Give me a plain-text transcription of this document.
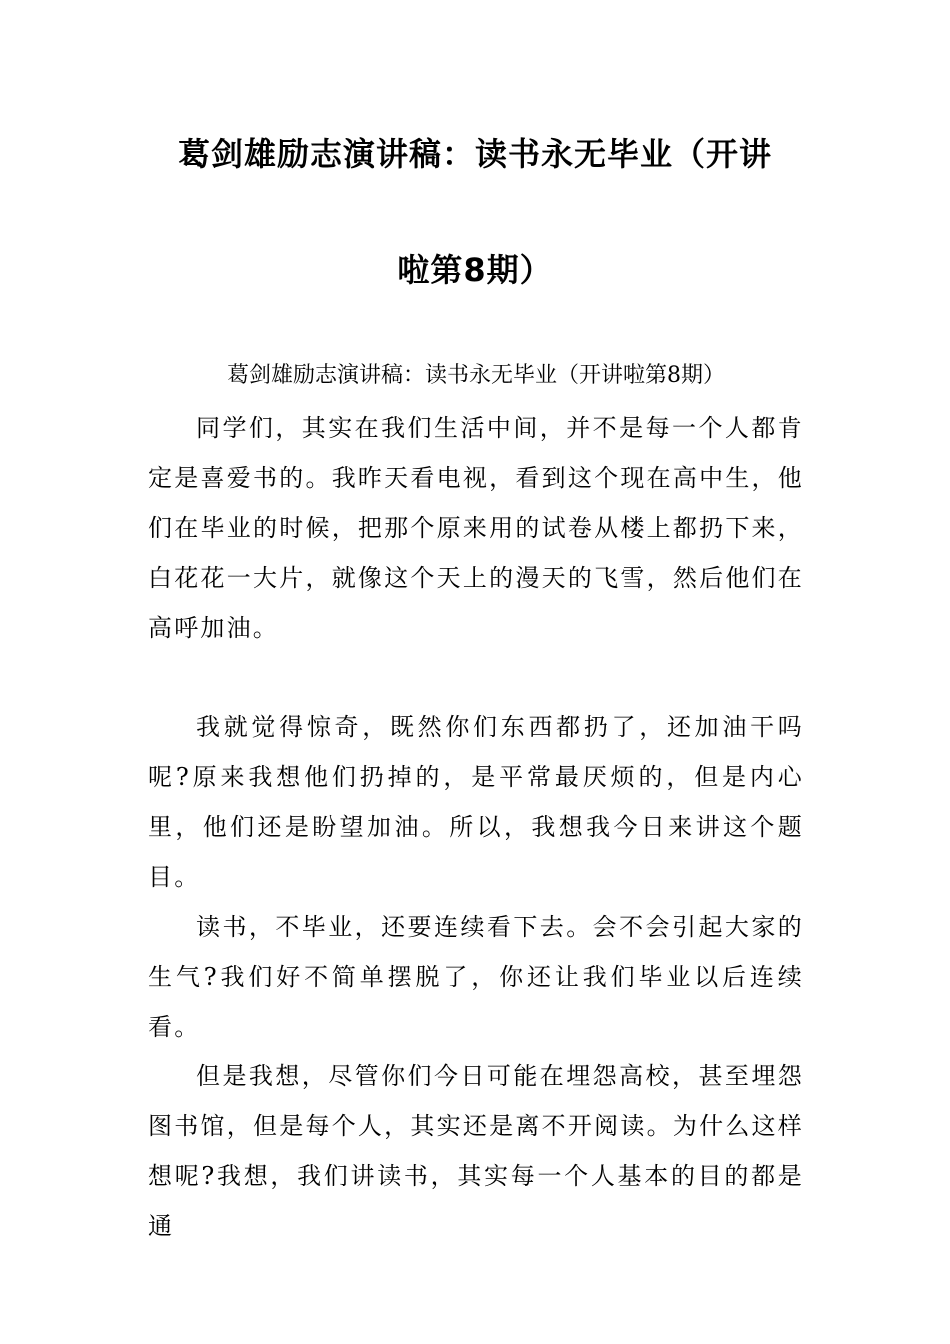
葛剑雄励志演讲稿：读书永无毕业（开讲
啦第8期）
葛剑雄励志演讲稿：读书永无毕业（开讲啦第8期）

同学们，其实在我们生活中间，并不是每一个人都肯定是喜爱书的。我昨天看电视，看到这个现在高中生，他们在毕业的时候，把那个原来用的试卷从楼上都扔下来，白花花一大片，就像这个天上的漫天的飞雪，然后他们在高呼加油。

我就觉得惊奇，既然你们东西都扔了，还加油干吗呢?原来我想他们扔掉的，是平常最厌烦的，但是内心里，他们还是盼望加油。所以，我想我今日来讲这个题目。

读书，不毕业，还要连续看下去。会不会引起大家的生气?我们好不简单摆脱了，你还让我们毕业以后连续看。

但是我想，尽管你们今日可能在埋怨高校，甚至埋怨图书馆，但是每个人，其实还是离不开阅读。为什么这样想呢?我想，我们讲读书，其实每一个人基本的目的都是通
